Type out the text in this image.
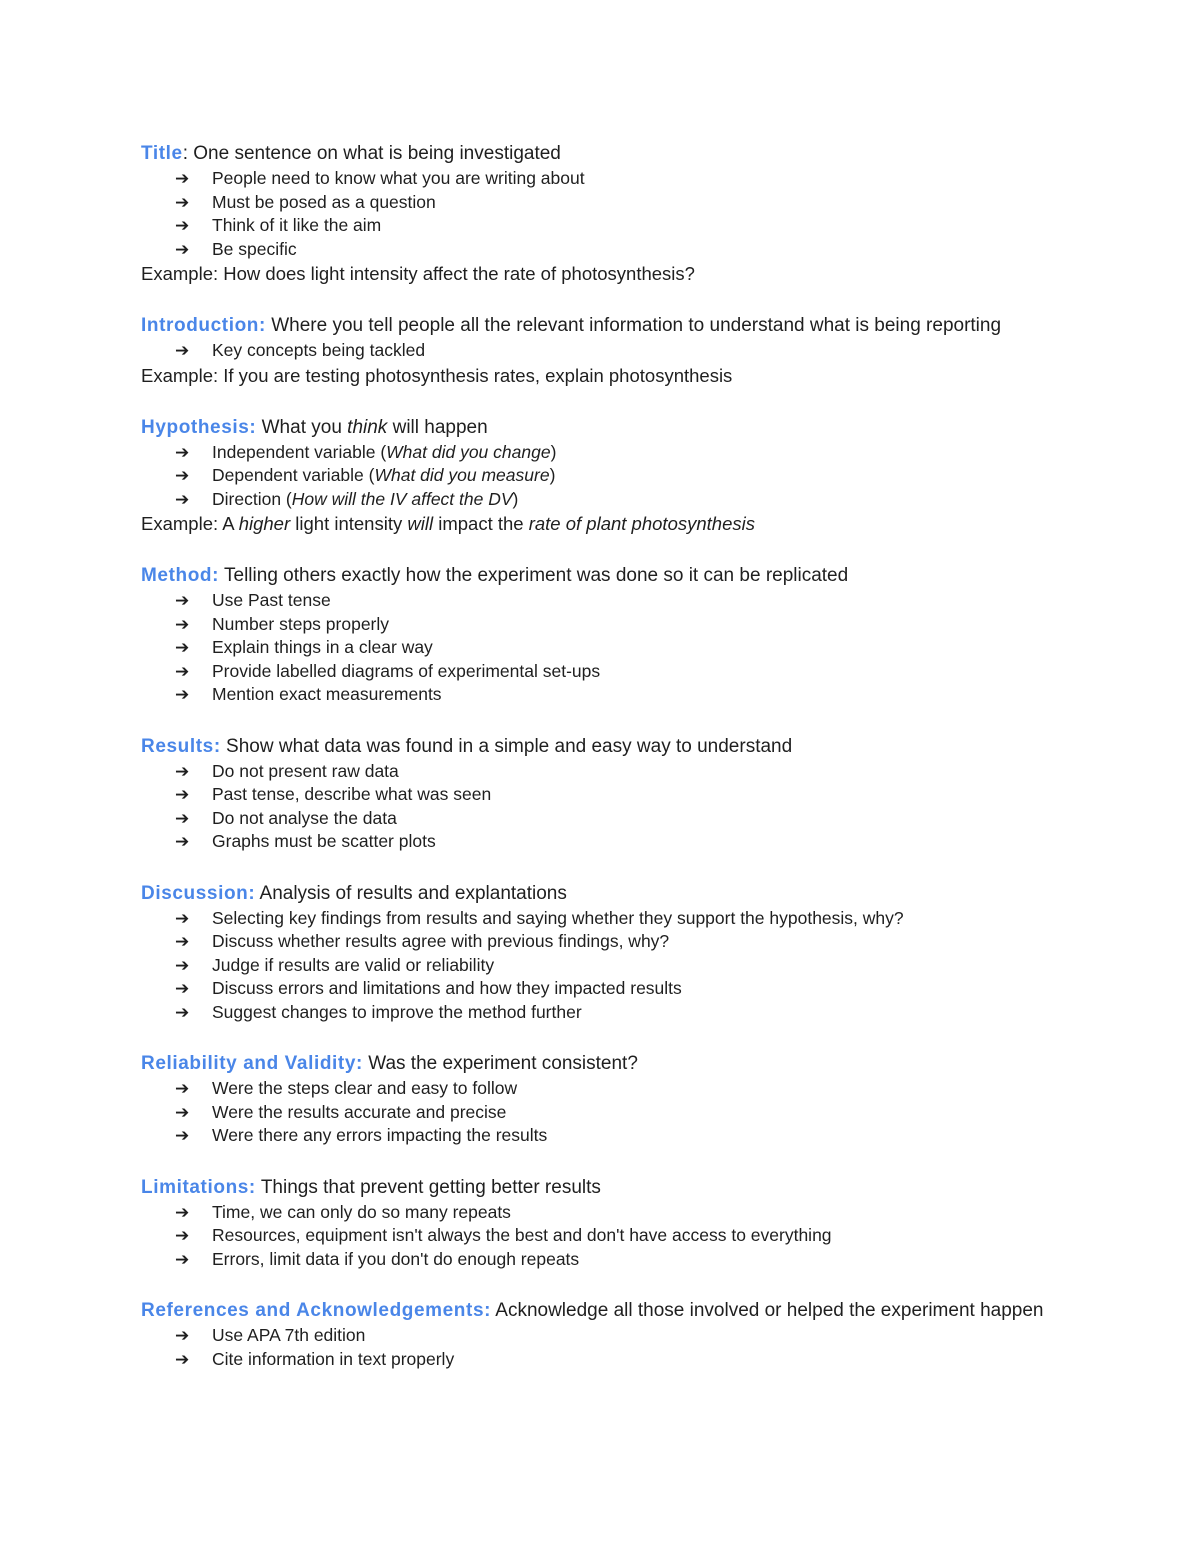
Title: One sentence on what is being investigated

➔ People need to know what you are writing about
➔ Must be posed as a question
➔ Think of it like the aim
➔ Be specific

Example: How does light intensity affect the rate of photosynthesis?

Introduction: Where you tell people all the relevant information to understand what is being reporting

➔ Key concepts being tackled

Example: If you are testing photosynthesis rates, explain photosynthesis

Hypothesis: What you think will happen

➔ Independent variable (What did you change)
➔ Dependent variable (What did you measure)
➔ Direction (How will the IV affect the DV)

Example: A higher light intensity will impact the rate of plant photosynthesis

Method: Telling others exactly how the experiment was done so it can be replicated

➔ Use Past tense
➔ Number steps properly
➔ Explain things in a clear way
➔ Provide labelled diagrams of experimental set-ups
➔ Mention exact measurements

Results: Show what data was found in a simple and easy way to understand

➔ Do not present raw data
➔ Past tense, describe what was seen
➔ Do not analyse the data
➔ Graphs must be scatter plots

Discussion: Analysis of results and explantations

➔ Selecting key findings from results and saying whether they support the hypothesis, why?
➔ Discuss whether results agree with previous findings, why?
➔ Judge if results are valid or reliability
➔ Discuss errors and limitations and how they impacted results
➔ Suggest changes to improve the method further

Reliability and Validity: Was the experiment consistent?

➔ Were the steps clear and easy to follow
➔ Were the results accurate and precise
➔ Were there any errors impacting the results

Limitations: Things that prevent getting better results

➔ Time, we can only do so many repeats
➔ Resources, equipment isn't always the best and don't have access to everything
➔ Errors, limit data if you don't do enough repeats

References and Acknowledgements: Acknowledge all those involved or helped the experiment happen

➔ Use APA 7th edition
➔ Cite information in text properly
